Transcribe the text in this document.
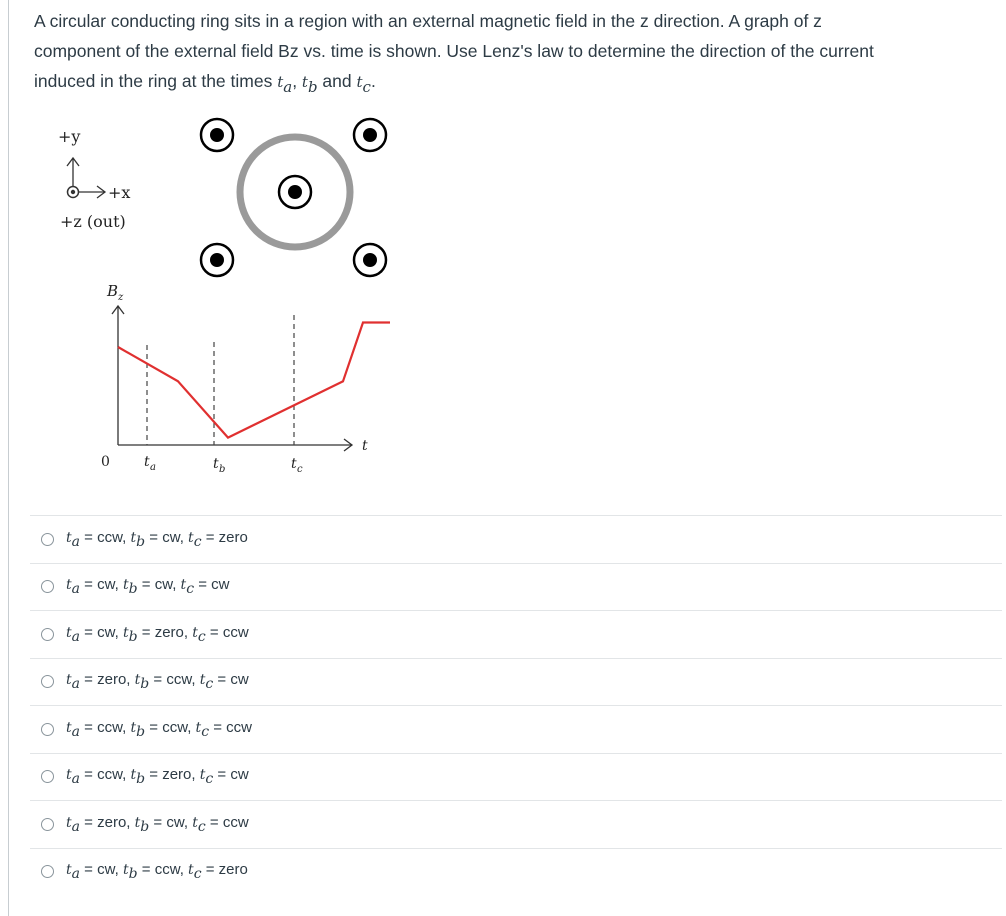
A circular conducting ring sits in a region with an external magnetic field in the z direction. A graph of z
component of the external field Bz vs. time is shown. Use Lenz's law to determine the direction of the current
induced in the ring at the times $t_a$, $t_b$ and $t_c$.
+y
+x
+z (out)
B z
t
0 t a	t b	t c
$t_a$ = ccw, $t_b$ = cw, $t_c$ = zero
$t_a$ = cw, $t_b$ = cw, $t_c$ = cw
$t_a$ = cw, $t_b$ = zero, $t_c$ = ccw
$t_a$ = zero, $t_b$ = ccw, $t_c$ = cw
$t_a$ = ccw, $t_b$ = ccw, $t_c$ = ccw
$t_a$ = ccw, $t_b$ = zero, $t_c$ = cw
$t_a$ = zero, $t_b$ = cw, $t_c$ = ccw
$t_a$ = cw, $t_b$ = ccw, $t_c$ = zero
